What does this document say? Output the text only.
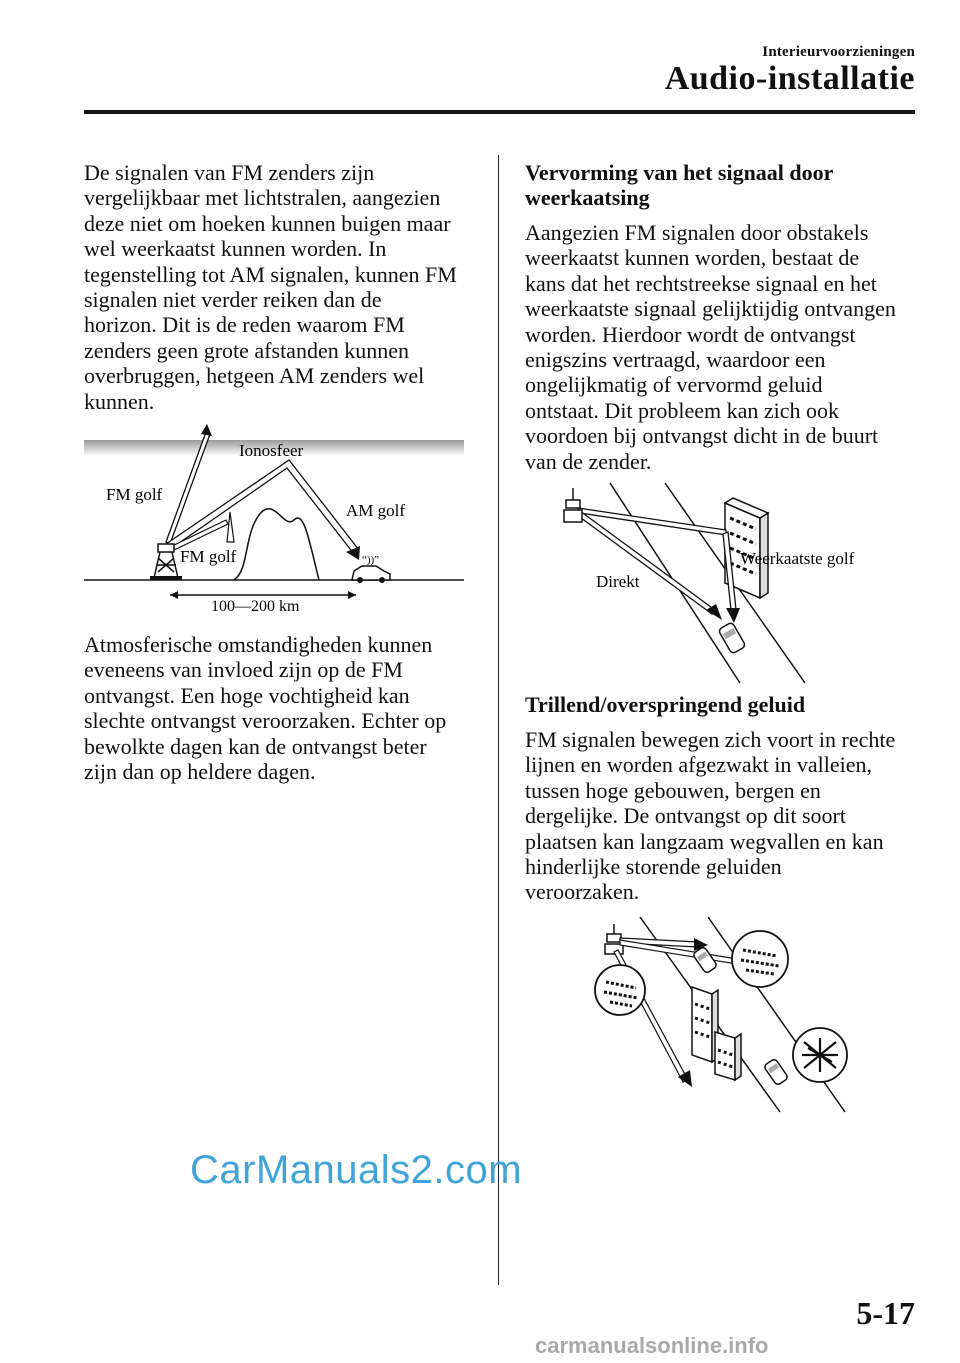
Interieurvoorzieningen
Audio-installatie

De signalen van FM zenders zijn

vergelijkbaar met lichtstralen, aangezien

deze niet om hoeken kunnen buigen maar

wel weerkaatst kunnen worden. In

tegenstelling tot AM signalen, kunnen FM

signalen niet verder reiken dan de

horizon. Dit is de reden waarom FM

zenders geen grote afstanden kunnen

overbruggen, hetgeen AM zenders wel

kunnen.

Ionosfeer
“))”
FM golf
AM golf
FM golf
100—200 km

Atmosferische omstandigheden kunnen

eveneens van invloed zijn op de FM

ontvangst. Een hoge vochtigheid kan

slechte ontvangst veroorzaken. Echter op

bewolkte dagen kan de ontvangst beter

zijn dan op heldere dagen.

Vervorming van het signaal door

weerkaatsing

Aangezien FM signalen door obstakels

weerkaatst kunnen worden, bestaat de

kans dat het rechtstreekse signaal en het

weerkaatste signaal gelijktijdig ontvangen

worden. Hierdoor wordt de ontvangst

enigszins vertraagd, waardoor een

ongelijkmatig of vervormd geluid

ontstaat. Dit probleem kan zich ook

voordoen bij ontvangst dicht in de buurt

van de zender.

Weerkaatste golf
Direkt

Trillend/overspringend geluid

FM signalen bewegen zich voort in rechte

lijnen en worden afgezwakt in valleien,

tussen hoge gebouwen, bergen en

dergelijke. De ontvangst op dit soort

plaatsen kan langzaam wegvallen en kan

hinderlijke storende geluiden

veroorzaken.

CarManuals2.com
5-17
carmanualsonline.info
